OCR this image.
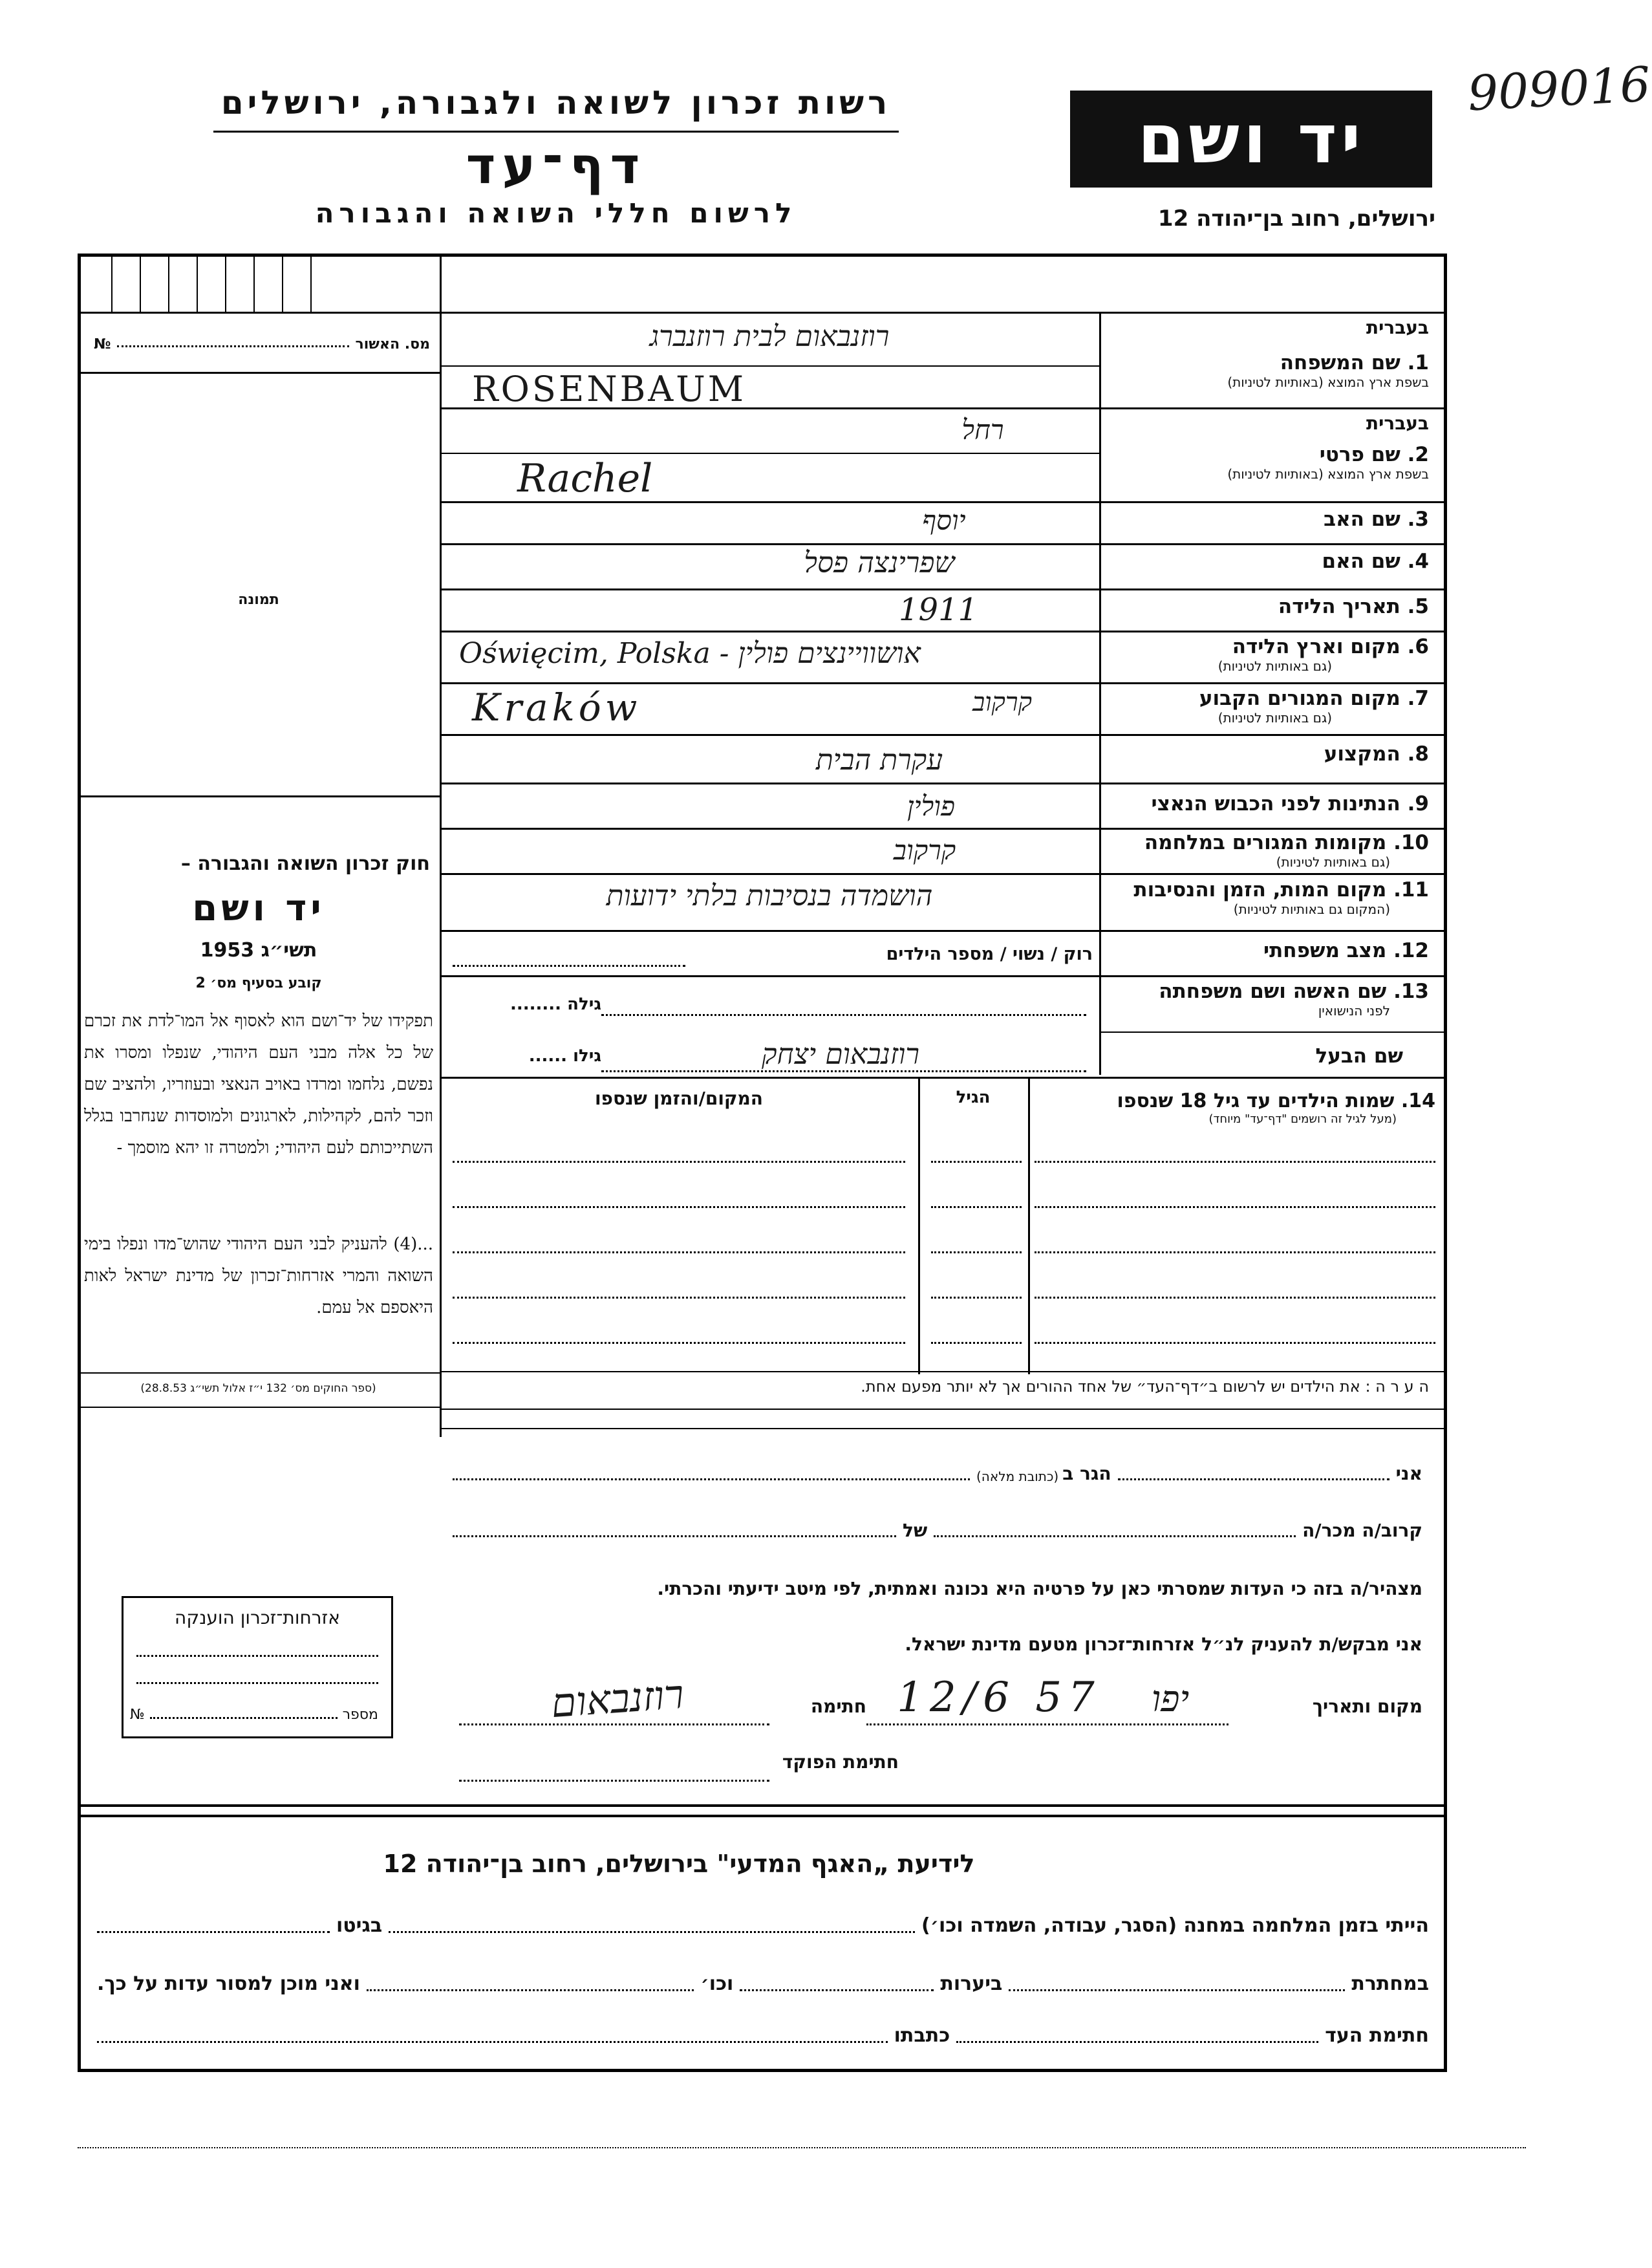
909016
רשות זכרון לשואה ולגבורה, ירושלים
דף־עד
לרשום חללי השואה והגבורה
יד ושם
ירושלים, רחוב בן־יהודה 12
מס. האשור
№
תמונה
חוק זכרון השואה והגבורה –
יד ושם
תשי״ג 1953
קובע בסעיף מס׳ 2
תפקידו של יד־ושם הוא לאסוף אל המו־לדת את זכרם של כל אלה מבני העם היהודי, שנפלו ומסרו את נפשם, נלחמו ומרדו באויב הנאצי ובעוזריו, ולהציב שם וזכר להם, לקהילות, לארגונים ולמוסדות שנחרבו בגלל השתייכותם לעם היהודי; ולמטרה זו יהא מוסמך -
...(4) להעניק לבני העם היהודי שהוש־מדו ונפלו בימי השואה והמרי אזרחות־זכרון של מדינת ישראל לאות היאספם אל עמם.
(ספר החוקים מס׳ 132 י״ז אלול תשי״ג 28.8.53)
בעברית
1. שם המשפחה
בשפת ארץ המוצא (באותיות לטיניות)
רוזנבאום לבית רוזנברג
ROSENBAUM
בעברית
2. שם פרטי
בשפת ארץ המוצא (באותיות לטיניות)
רחל
Rachel
3. שם האב
יוסף
4. שם האם
שפרינצה פסל
5. תאריך הלידה
1911
6. מקום וארץ הלידה
(גם באותיות לטיניות)
Oświęcim, Polska - אושוויינצים פולין
7. מקום המגורים הקבוע
(גם באותיות לטיניות)
Kraków	קרקוב
8. המקצוע
עקרת הבית
9. הנתינות לפני הכבוש הנאצי
פולין
10. מקומות המגורים במלחמה
(גם באותיות לטיניות)
קרקוב
11. מקום המות, הזמן והנסיבות
(המקום גם באותיות לטיניות)
הושמדה בנסיבות בלתי ידועות
12. מצב משפחתי
רוק / נשוי / מספר הילדים
13. שם האשה ושם משפחתה
לפני הנישואין
גילה ........
שם הבעל
גילו ......	רוזנבאום יצחק
14. שמות הילדים עד גיל 18 שנספו
(מעל לגיל זה רושמים "דף־עד" מיוחד)
הגיל
המקום/והזמן שנספו
ה ע ר ה : את הילדים יש לרשום ב״דף־העד״ של אחד ההורים אך לא יותר מפעם אחת.
אני
הגר ב
(כתובת מלאה)
קרוב/ה מכר/ה
של
מצהיר/ה בזה כי העדות שמסרתי כאן על פרטיה היא נכונה ואמתית, לפי מיטב ידיעתי והכרתי.
אני מבקש/ת להעניק לנ״ל אזרחות־זכרון מטעם מדינת ישראל.
מקום ותאריך
יפו
12/6 57
חתימה
רוזנבאום
חתימת הפוקד
אזרחות־זכרון הוענקה
מספר
№
לידיעת „האגף המדעי" בירושלים, רחוב בן־יהודה 12
הייתי בזמן המלחמה במחנה (הסגר, עבודה, השמדה וכו׳)
בגיטו
במחתרת
ביערות
וכו׳
ואני מוכן למסור עדות על כך.
חתימת העד
כתבתו
